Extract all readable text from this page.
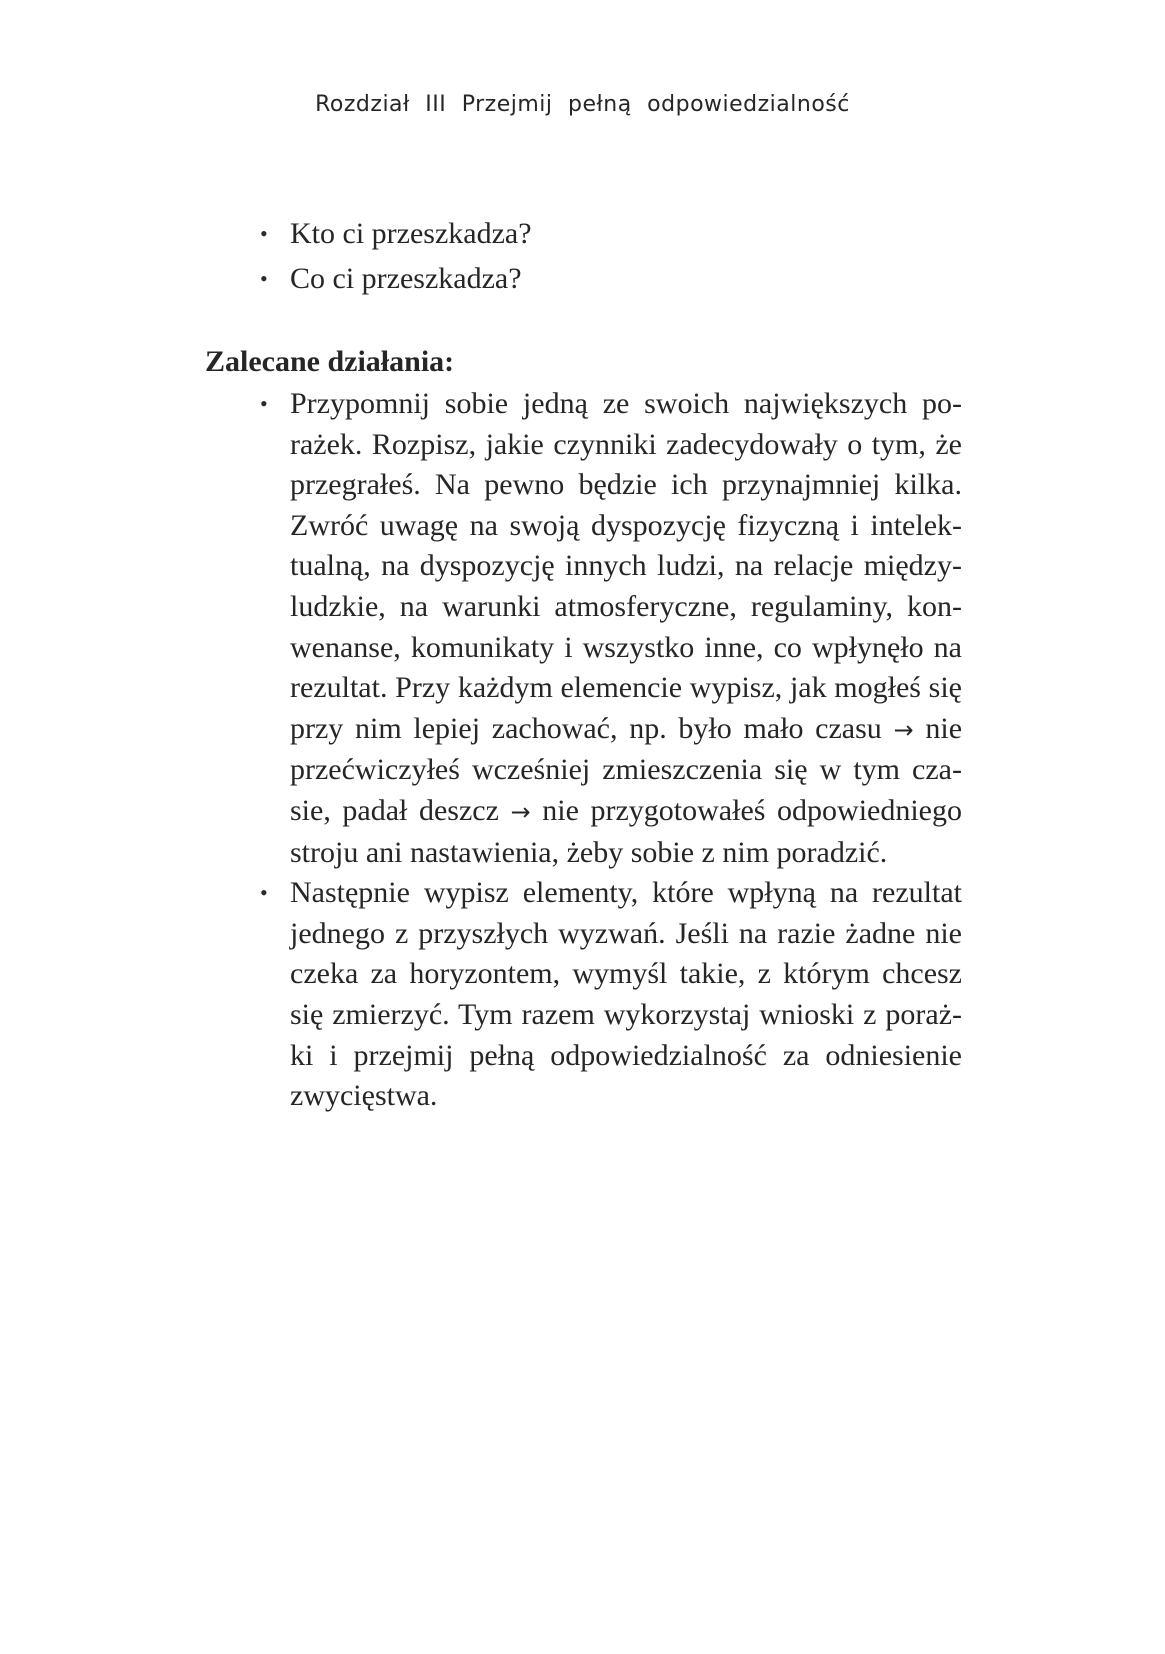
Rozdział III Przejmij pełną odpowiedzialność
• Kto ci przeszkadza?
• Co ci przeszkadza?
Zalecane działania:
• Przypomnij sobie jedną ze swoich największych po-
rażek. Rozpisz, jakie czynniki zadecydowały o tym, że
przegrałeś. Na pewno będzie ich przynajmniej kilka.
Zwróć uwagę na swoją dyspozycję fizyczną i intelek-
tualną, na dyspozycję innych ludzi, na relacje między-
ludzkie, na warunki atmosferyczne, regulaminy, kon-
wenanse, komunikaty i wszystko inne, co wpłynęło na
rezultat. Przy każdym elemencie wypisz, jak mogłeś się
przy nim lepiej zachować, np. było mało czasu → nie
przećwiczyłeś wcześniej zmieszczenia się w tym cza-
sie, padał deszcz → nie przygotowałeś odpowiedniego
stroju ani nastawienia, żeby sobie z nim poradzić.
• Następnie wypisz elementy, które wpłyną na rezultat
jednego z przyszłych wyzwań. Jeśli na razie żadne nie
czeka za horyzontem, wymyśl takie, z którym chcesz
się zmierzyć. Tym razem wykorzystaj wnioski z poraż-
ki i przejmij pełną odpowiedzialność za odniesienie
zwycięstwa.
